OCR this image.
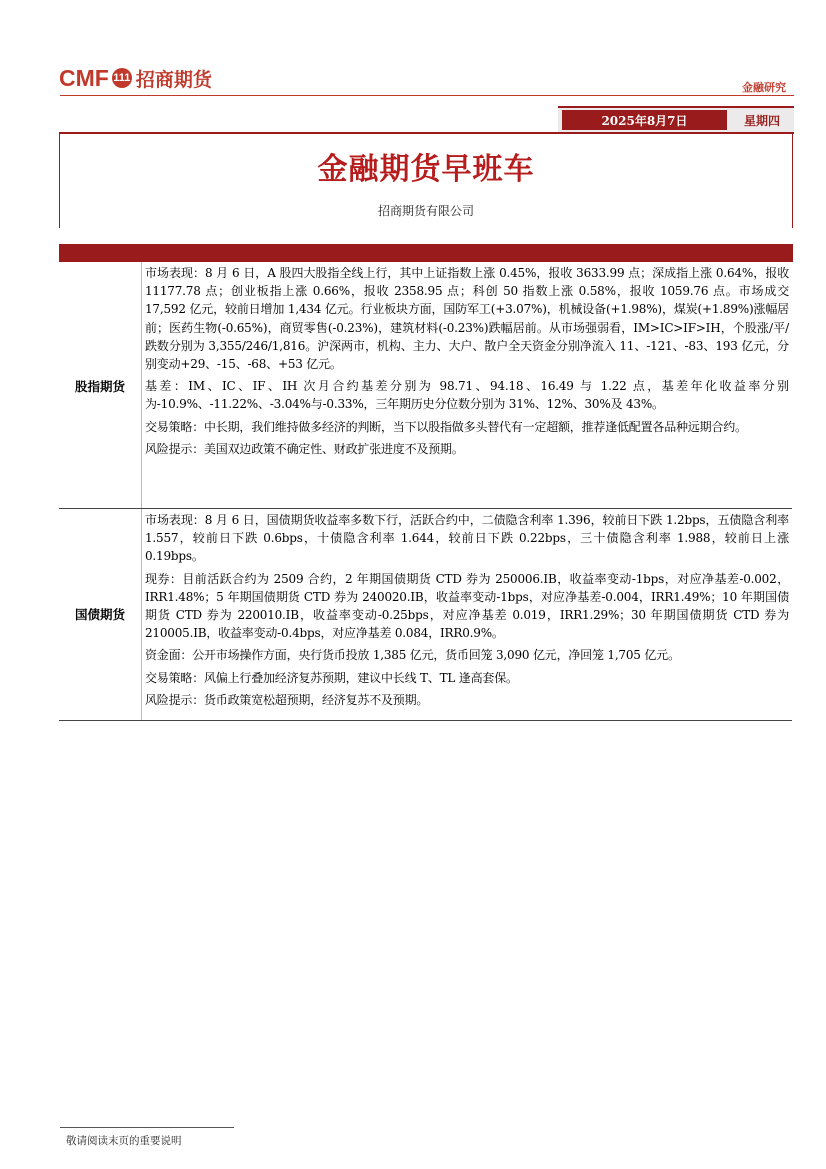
CMF 111 招商期货	金融研究
2025年8月7日	星期四
金融期货早班车
招商期货有限公司
股指期货

市场表现：8 月 6 日，A 股四大股指全线上行，其中上证指数上涨 0.45%，报收 3633.99 点；深成指上涨 0.64%，报收 11177.78 点；创业板指上涨 0.66%，报收 2358.95 点；科创 50 指数上涨 0.58%，报收 1059.76 点。市场成交 17,592 亿元，较前日增加 1,434 亿元。行业板块方面，国防军工(+3.07%)，机械设备(+1.98%)，煤炭(+1.89%)涨幅居前；医药生物(-0.65%)，商贸零售(-0.23%)，建筑材料(-0.23%)跌幅居前。从市场强弱看，IM>IC>IF>IH，个股涨/平/跌数分别为 3,355/246/1,816。沪深两市，机构、主力、大户、散户全天资金分别净流入 11、-121、-83、193 亿元，分别变动+29、-15、-68、+53 亿元。

基差：IM、IC、IF、IH 次月合约基差分别为 98.71、94.18、16.49 与 1.22 点，基差年化收益率分别为-10.9%、-11.22%、-3.04%与-0.33%，三年期历史分位数分别为 31%、12%、30%及 43%。

交易策略：中长期，我们维持做多经济的判断，当下以股指做多头替代有一定超额，推荐逢低配置各品种远期合约。

风险提示：美国双边政策不确定性、财政扩张进度不及预期。

国债期货

市场表现：8 月 6 日，国债期货收益率多数下行，活跃合约中，二债隐含利率 1.396，较前日下跌 1.2bps，五债隐含利率 1.557，较前日下跌 0.6bps，十债隐含利率 1.644，较前日下跌 0.22bps，三十债隐含利率 1.988，较前日上涨 0.19bps。

现券：目前活跃合约为 2509 合约，2 年期国债期货 CTD 券为 250006.IB，收益率变动-1bps，对应净基差-0.002，IRR1.48%；5 年期国债期货 CTD 券为 240020.IB，收益率变动-1bps，对应净基差-0.004，IRR1.49%；10 年期国债期货 CTD 券为 220010.IB，收益率变动-0.25bps，对应净基差 0.019，IRR1.29%；30 年期国债期货 CTD 券为 210005.IB，收益率变动-0.4bps，对应净基差 0.084，IRR0.9%。

资金面：公开市场操作方面，央行货币投放 1,385 亿元，货币回笼 3,090 亿元，净回笼 1,705 亿元。

交易策略：风偏上行叠加经济复苏预期，建议中长线 T、TL 逢高套保。

风险提示：货币政策宽松超预期，经济复苏不及预期。

敬请阅读末页的重要说明
